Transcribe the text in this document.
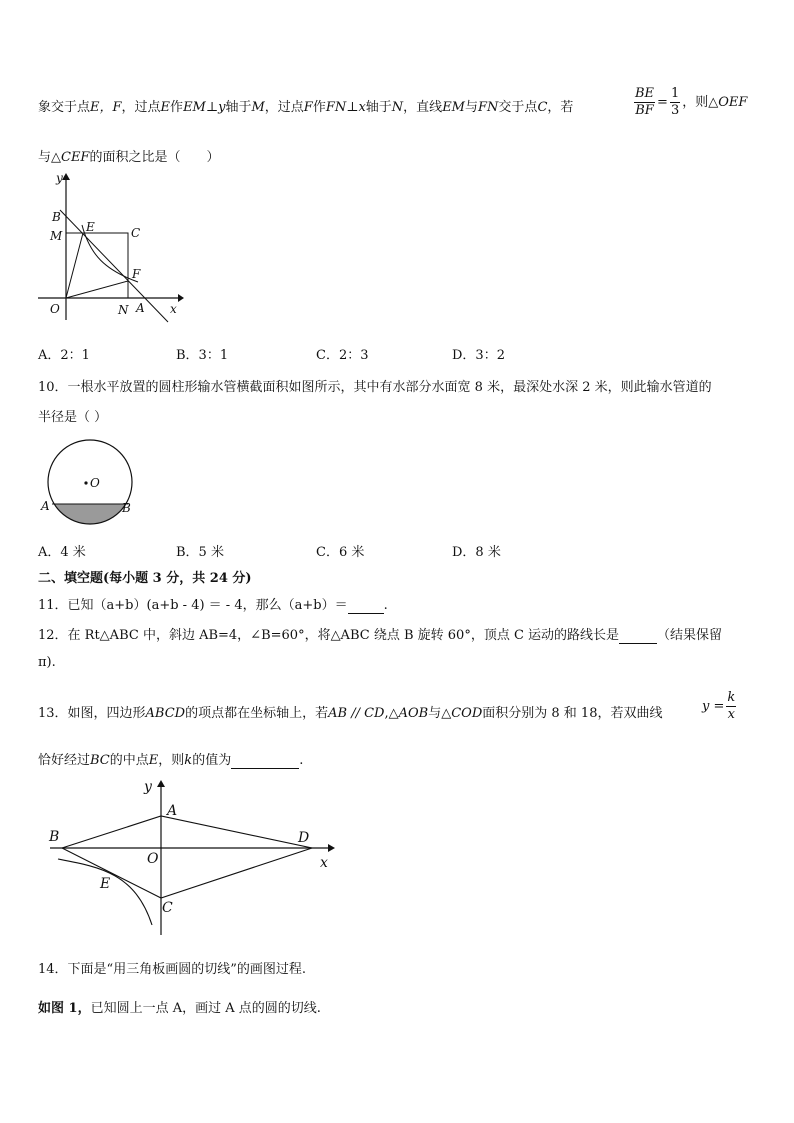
象交于点E，F，过点E作EM⊥y轴于M，过点F作FN⊥x轴于N，直线EM与FN交于点C，若	$\frac{BE}{BF} = \frac{1}{3}$ ，则△OEF
与△CEF的面积之比是（　　）
y
B
M
E	C
F
O	N A x
A．2：1	B．3：1	C．2：3	D．3：2
10．一根水平放置的圆柱形输水管横截面积如图所示，其中有水部分水面宽 8 米，最深处水深 2 米，则此输水管道的
半径是（ ）
O
A	B
A．4 米	B．5 米	C．6 米	D．8 米
二、填空题(每小题 3 分，共 24 分)
11．已知（a+b）(a+b - 4) ＝ - 4，那么（a+b）＝	.
12．在 Rt△ABC 中，斜边 AB=4，∠B=60°，将△ABC 绕点 B 旋转 60°，顶点 C 运动的路线长是	（结果保留
π).
13．如图，四边形ABCD的项点都在坐标轴上，若AB // CD,△AOB与△COD面积分别为 8 和 18，若双曲线	$y = \frac{k}{x}$
恰好经过BC的中点E，则k的值为	.
y
A
B	D
O	x
E
C
14．下面是“用三角板画圆的切线”的画图过程.
如图 1，已知圆上一点 A，画过 A 点的圆的切线.
